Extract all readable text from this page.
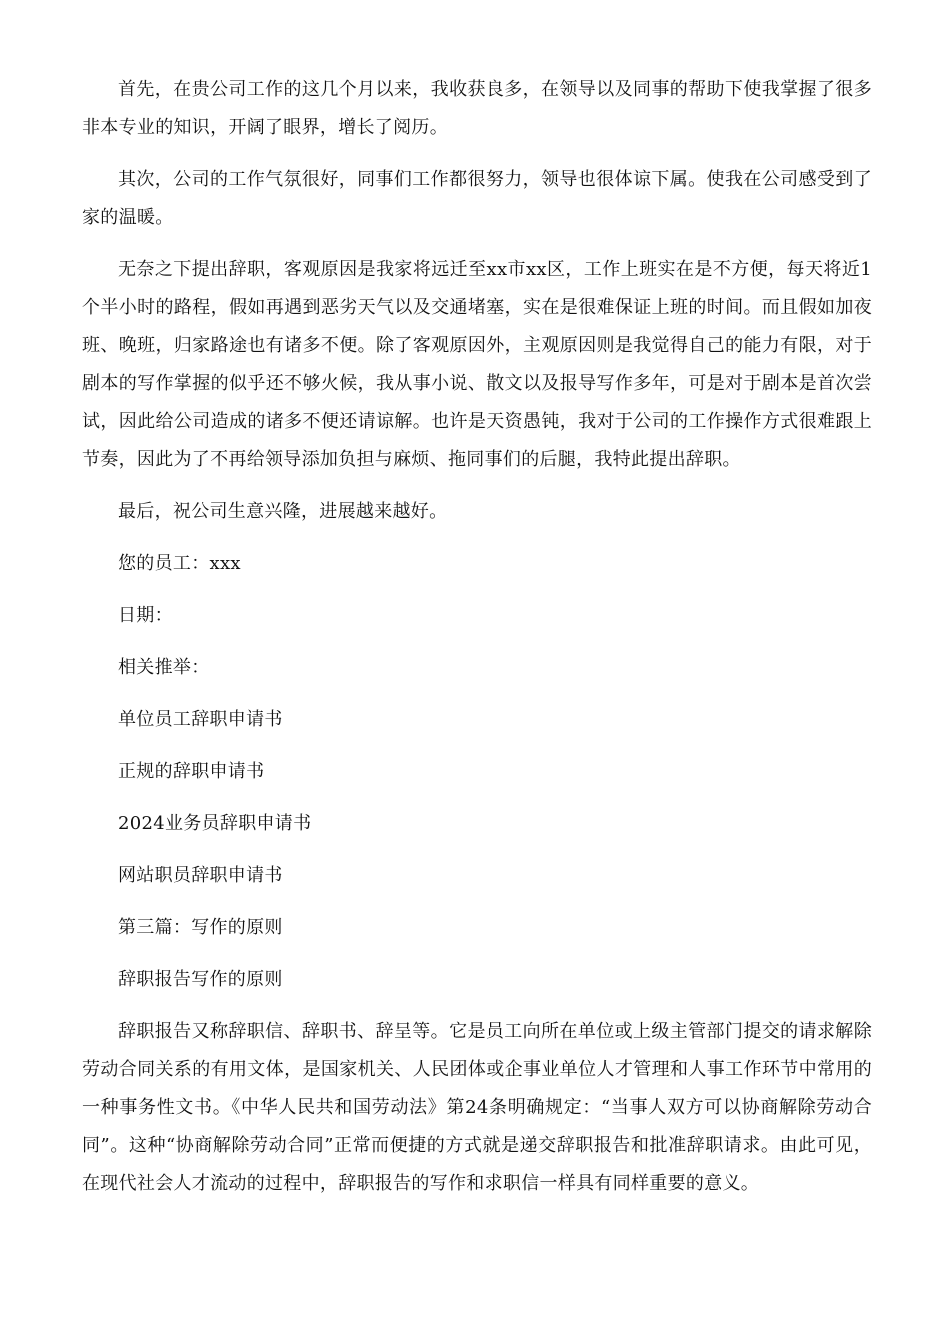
首先，在贵公司工作的这几个月以来，我收获良多，在领导以及同事的帮助下使我掌握了很多非本专业的知识，开阔了眼界，增长了阅历。

其次，公司的工作气氛很好，同事们工作都很努力，领导也很体谅下属。使我在公司感受到了家的温暖。

无奈之下提出辞职，客观原因是我家将远迁至xx市xx区，工作上班实在是不方便，每天将近1个半小时的路程，假如再遇到恶劣天气以及交通堵塞，实在是很难保证上班的时间。而且假如加夜班、晚班，归家路途也有诸多不便。除了客观原因外，主观原因则是我觉得自己的能力有限，对于剧本的写作掌握的似乎还不够火候，我从事小说、散文以及报导写作多年，可是对于剧本是首次尝试，因此给公司造成的诸多不便还请谅解。也许是天资愚钝，我对于公司的工作操作方式很难跟上节奏，因此为了不再给领导添加负担与麻烦、拖同事们的后腿，我特此提出辞职。

最后，祝公司生意兴隆，进展越来越好。

您的员工：xxx

日期：

相关推举：

单位员工辞职申请书

正规的辞职申请书

2024业务员辞职申请书

网站职员辞职申请书

第三篇：写作的原则

辞职报告写作的原则

辞职报告又称辞职信、辞职书、辞呈等。它是员工向所在单位或上级主管部门提交的请求解除劳动合同关系的有用文体，是国家机关、人民团体或企事业单位人才管理和人事工作环节中常用的一种事务性文书。《中华人民共和国劳动法》第24条明确规定：“当事人双方可以协商解除劳动合同”。这种“协商解除劳动合同”正常而便捷的方式就是递交辞职报告和批准辞职请求。由此可见，在现代社会人才流动的过程中，辞职报告的写作和求职信一样具有同样重要的意义。
